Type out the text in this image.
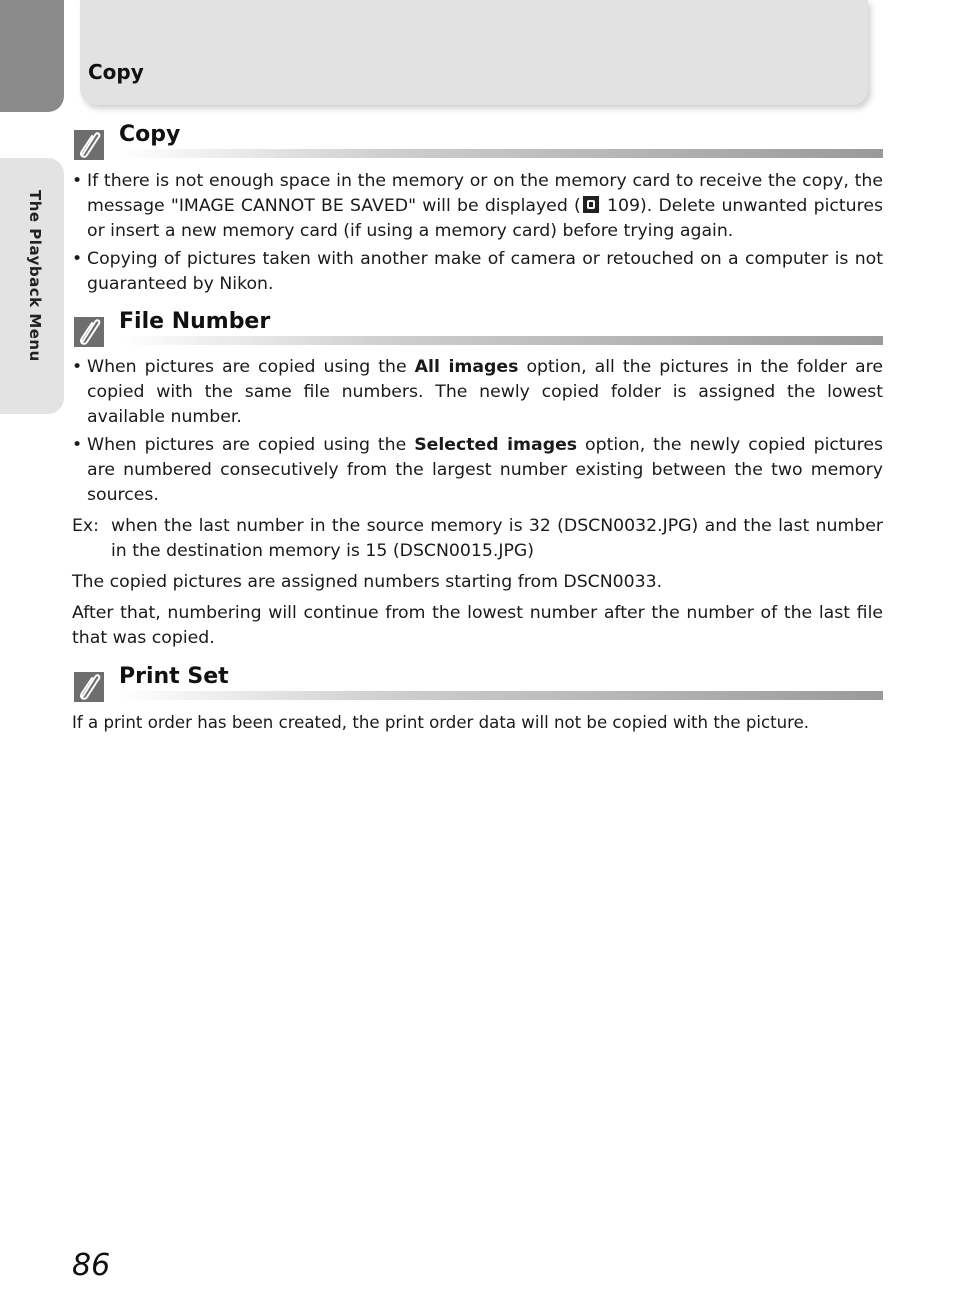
The Playback Menu
Copy
Copy
• If there is not enough space in the memory or on the memory card to receive the copy, the message "IMAGE CANNOT BE SAVED" will be displayed ( 109). Delete unwanted pictures or insert a new memory card (if using a memory card) before trying again.
• Copying of pictures taken with another make of camera or retouched on a computer is not guaranteed by Nikon.
File Number
• When pictures are copied using the All images option, all the pictures in the folder are copied with the same file numbers. The newly copied folder is assigned the lowest available number.
• When pictures are copied using the Selected images option, the newly copied pictures are numbered consecutively from the largest number existing between the two memory sources.
Ex: when the last number in the source memory is 32 (DSCN0032.JPG) and the last number in the destination memory is 15 (DSCN0015.JPG)
The copied pictures are assigned numbers starting from DSCN0033.
After that, numbering will continue from the lowest number after the number of the last file that was copied.
Print Set
If a print order has been created, the print order data will not be copied with the picture.
86
